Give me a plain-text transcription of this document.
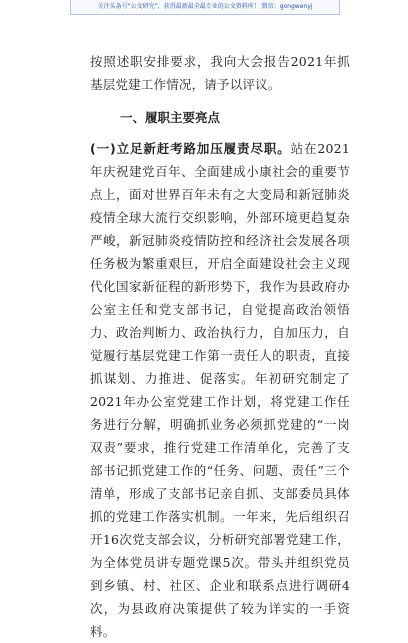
关注头条号“公文研究”，获得最新最全最专业的公文资料库！ 微信：gongwenyj

按照述职安排要求，我向大会报告2021年抓基层党建工作情况，请予以评议。

一、履职主要亮点

(一)立足新赶考路加压履责尽职。站在2021年庆祝建党百年、全面建成小康社会的重要节点上，面对世界百年未有之大变局和新冠肺炎疫情全球大流行交织影响，外部环境更趋复杂严峻，新冠肺炎疫情防控和经济社会发展各项任务极为繁重艰巨，开启全面建设社会主义现代化国家新征程的新形势下，我作为县政府办公室主任和党支部书记，自觉提高政治领悟力、政治判断力、政治执行力，自加压力，自觉履行基层党建工作第一责任人的职责，直接抓谋划、力推进、促落实。年初研究制定了2021年办公室党建工作计划，将党建工作任务进行分解，明确抓业务必须抓党建的“一岗双责”要求，推行党建工作清单化，完善了支部书记抓党建工作的“任务、问题、责任”三个清单，形成了支部书记亲自抓、支部委员具体抓的党建工作落实机制。一年来，先后组织召开16次党支部会议，分析研究部署党建工作，为全体党员讲专题党课5次。带头并组织党员到乡镇、村、社区、企业和联系点进行调研4次，为县政府决策提供了较为详实的一手资料。
